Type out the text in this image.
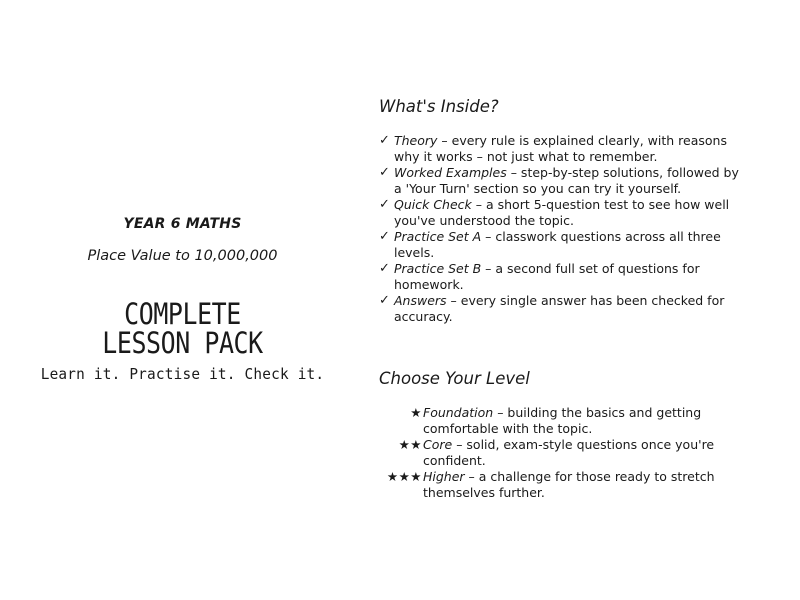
YEAR 6 MATHS
Place Value to 10,000,000
COMPLETE
LESSON PACK
Learn it. Practise it. Check it.
What's Inside?
✓ Theory – every rule is explained clearly, with reasons why it works – not just what to remember.
✓ Worked Examples – step-by-step solutions, followed by a 'Your Turn' section so you can try it yourself.
✓ Quick Check – a short 5-question test to see how well you've understood the topic.
✓ Practice Set A – classwork questions across all three levels.
✓ Practice Set B – a second full set of questions for homework.
✓ Answers – every single answer has been checked for accuracy.
Choose Your Level
★ Foundation – building the basics and getting comfortable with the topic.
★★ Core – solid, exam-style questions once you're confident.
★★★ Higher – a challenge for those ready to stretch themselves further.
